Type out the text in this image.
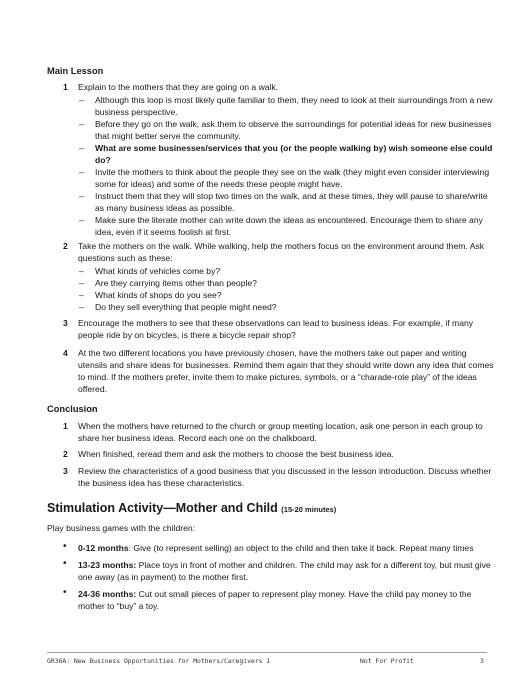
Main Lesson
1 Explain to the mothers that they are going on a walk.
– Although this loop is most likely quite familiar to them, they need to look at their surroundings from a new business perspective.
– Before they go on the walk, ask them to observe the surroundings for potential ideas for new businesses that might better serve the community.
– What are some businesses/services that you (or the people walking by) wish someone else could do?
– Invite the mothers to think about the people they see on the walk (they might even consider interviewing some for ideas) and some of the needs these people might have.
– Instruct them that they will stop two times on the walk, and at these times, they will pause to share/write as many business ideas as possible.
– Make sure the literate mother can write down the ideas as encountered. Encourage them to share any idea, even if it seems foolish at first.
2 Take the mothers on the walk. While walking, help the mothers focus on the environment around them. Ask questions such as these:
– What kinds of vehicles come by?
– Are they carrying items other than people?
– What kinds of shops do you see?
– Do they sell everything that people might need?
3 Encourage the mothers to see that these observations can lead to business ideas. For example, if many people ride by on bicycles, is there a bicycle repair shop?
4 At the two different locations you have previously chosen, have the mothers take out paper and writing utensils and share ideas for businesses. Remind them again that they should write down any idea that comes to mind. If the mothers prefer, invite them to make pictures, symbols, or a “charade-role play” of the ideas offered.
Conclusion
1 When the mothers have returned to the church or group meeting location, ask one person in each group to share her business ideas. Record each one on the chalkboard.
2 When finished, reread them and ask the mothers to choose the best business idea.
3 Review the characteristics of a good business that you discussed in the lesson introduction. Discuss whether the business idea has these characteristics.
Stimulation Activity—Mother and Child (15-20 minutes)
Play business games with the children:
• 0-12 months: Give (to represent selling) an object to the child and then take it back. Repeat many times
• 13-23 months: Place toys in front of mother and children. The child may ask for a different toy, but must give one away (as in payment) to the mother first.
• 24-36 months: Cut out small pieces of paper to represent play money. Have the child pay money to the mother to “buy” a toy.
GR36A: New Business Opportunities for Mothers/Caregivers 1	Not For Profit	3
